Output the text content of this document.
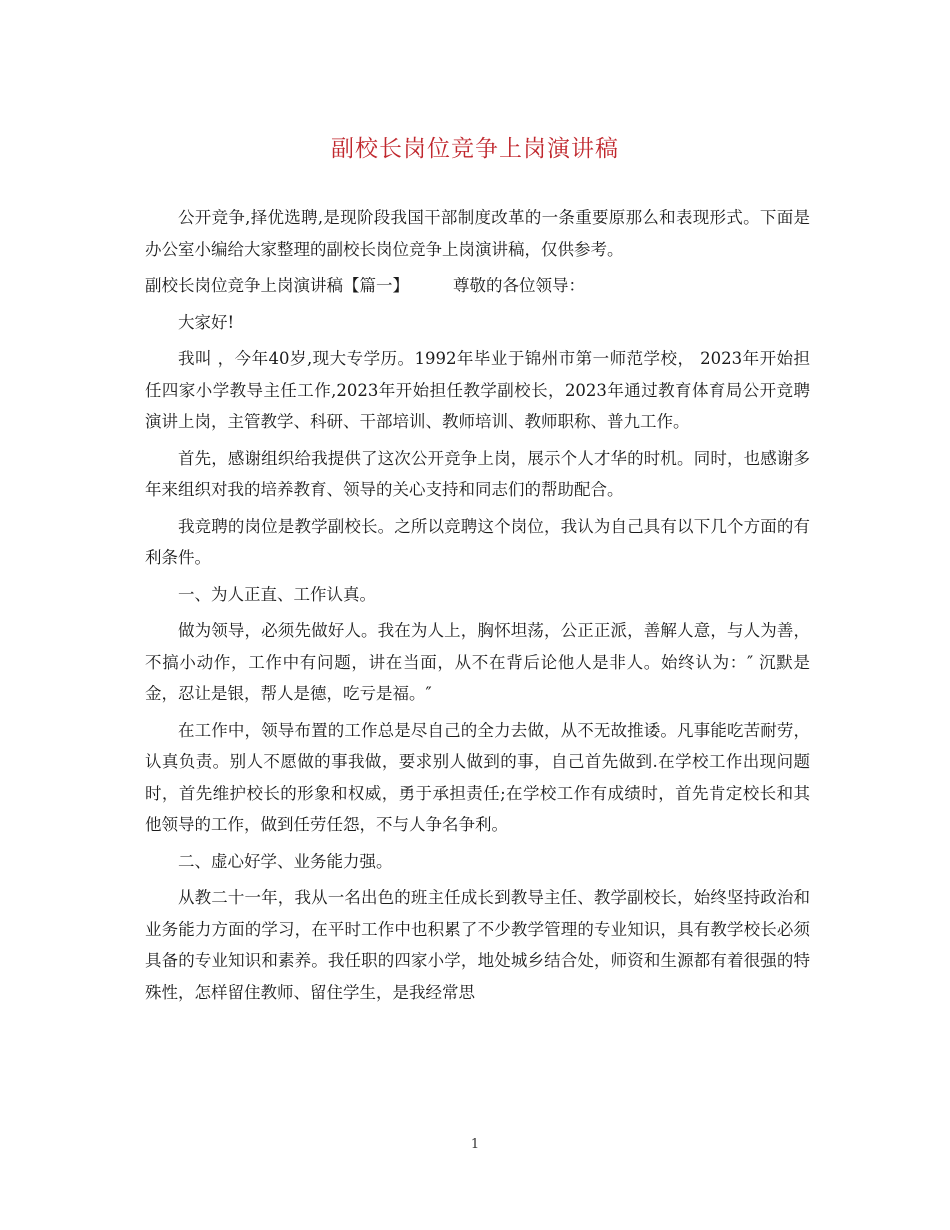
副校长岗位竞争上岗演讲稿

公开竞争,择优选聘,是现阶段我国干部制度改革的一条重要原那么和表现形式。下面是办公室小编给大家整理的副校长岗位竞争上岗演讲稿，仅供参考。

副校长岗位竞争上岗演讲稿【篇一】	尊敬的各位领导：

大家好!

我叫 ，今年40岁,现大专学历。1992年毕业于锦州市第一师范学校， 2023年开始担任四家小学教导主任工作,2023年开始担任教学副校长，2023年通过教育体育局公开竞聘演讲上岗，主管教学、科研、干部培训、教师培训、教师职称、普九工作。

首先，感谢组织给我提供了这次公开竞争上岗，展示个人才华的时机。同时，也感谢多年来组织对我的培养教育、领导的关心支持和同志们的帮助配合。

我竞聘的岗位是教学副校长。之所以竞聘这个岗位，我认为自己具有以下几个方面的有利条件。

一、为人正直、工作认真。

做为领导，必须先做好人。我在为人上，胸怀坦荡，公正正派，善解人意，与人为善，不搞小动作，工作中有问题，讲在当面，从不在背后论他人是非人。始终认为：″ 沉默是金，忍让是银，帮人是德，吃亏是福。″

在工作中，领导布置的工作总是尽自己的全力去做，从不无故推诿。凡事能吃苦耐劳，认真负责。别人不愿做的事我做，要求别人做到的事，自己首先做到.在学校工作出现问题时，首先维护校长的形象和权威，勇于承担责任;在学校工作有成绩时，首先肯定校长和其他领导的工作，做到任劳任怨，不与人争名争利。

二、虚心好学、业务能力强。

从教二十一年，我从一名出色的班主任成长到教导主任、教学副校长，始终坚持政治和业务能力方面的学习，在平时工作中也积累了不少教学管理的专业知识，具有教学校长必须具备的专业知识和素养。我任职的四家小学，地处城乡结合处，师资和生源都有着很强的特殊性，怎样留住教师、留住学生，是我经常思

1
